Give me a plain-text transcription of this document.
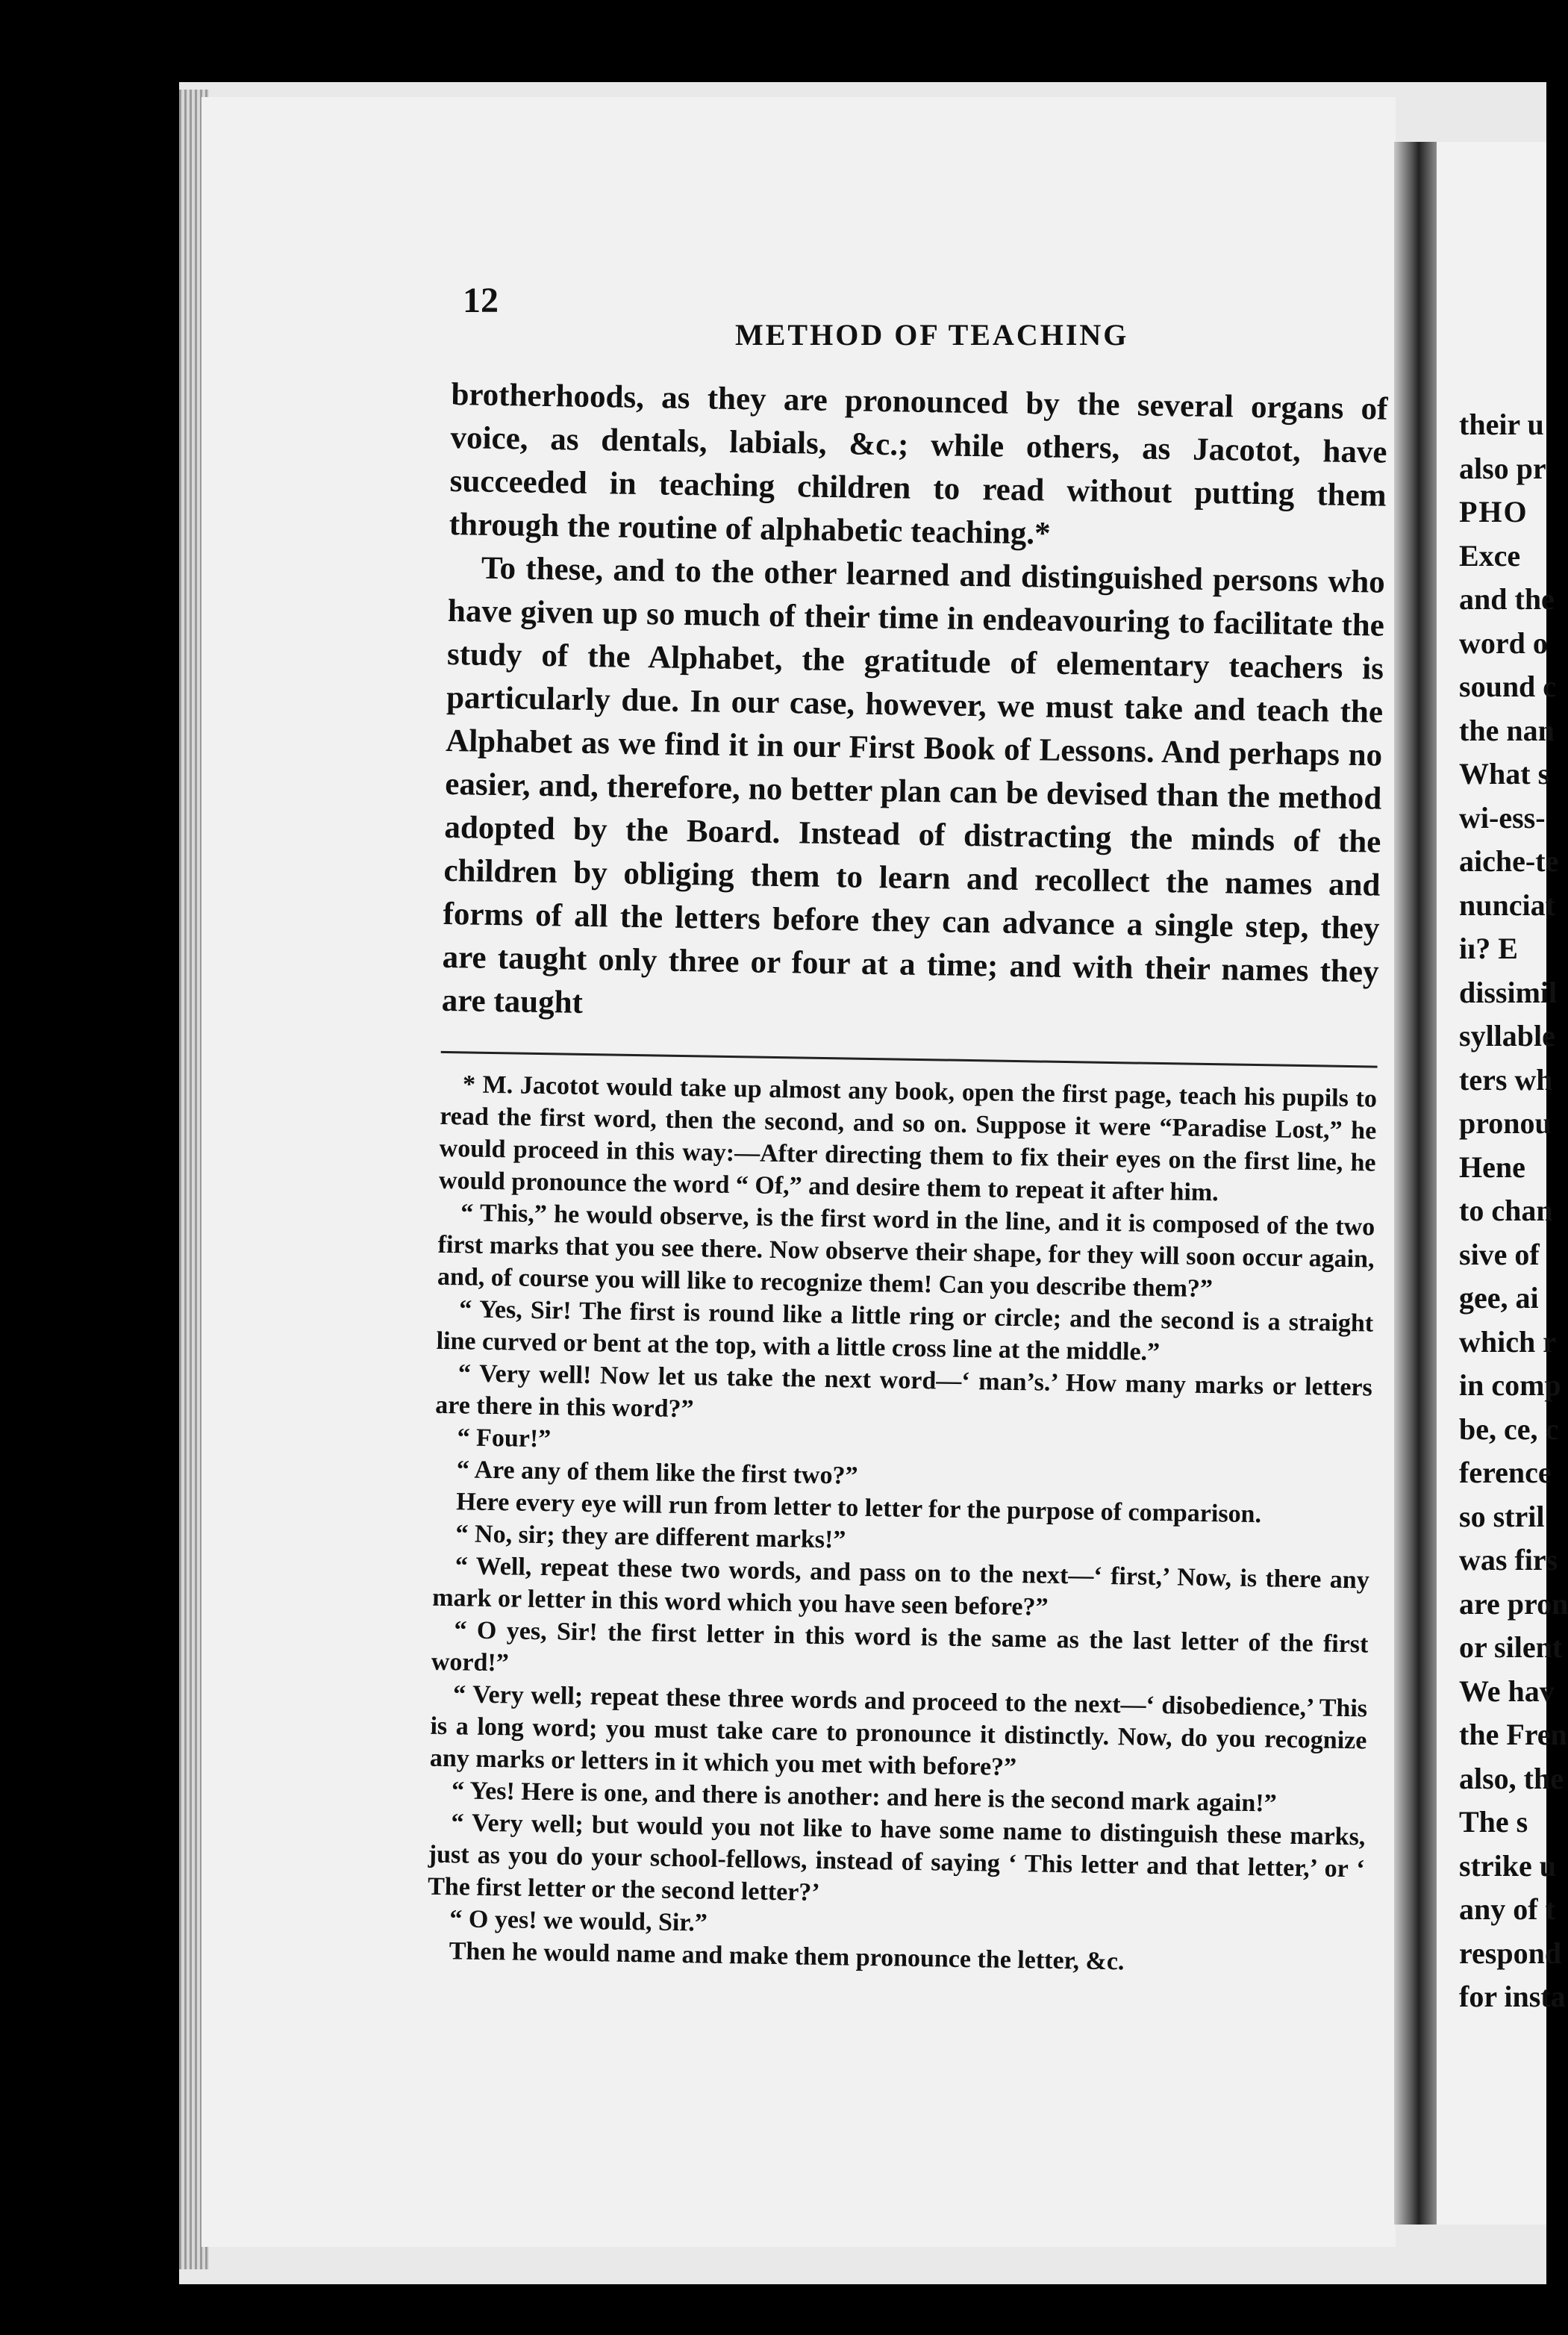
12
METHOD OF TEACHING

brotherhoods, as they are pronounced by the several organs of voice, as dentals, labials, &c.; while others, as Jacotot, have succeeded in teaching children to read without putting them through the routine of alphabetic teaching.*

To these, and to the other learned and distinguished persons who have given up so much of their time in endeavouring to facilitate the study of the Alphabet, the gratitude of elementary teachers is particularly due. In our case, however, we must take and teach the Alphabet as we find it in our First Book of Lessons. And perhaps no easier, and, therefore, no better plan can be devised than the method adopted by the Board. Instead of distracting the minds of the children by obliging them to learn and recollect the names and forms of all the letters before they can advance a single step, they are taught only three or four at a time; and with their names they are taught

* M. Jacotot would take up almost any book, open the first page, teach his pupils to read the first word, then the second, and so on. Suppose it were “Paradise Lost,” he would proceed in this way:—After directing them to fix their eyes on the first line, he would pronounce the word “ Of,” and desire them to repeat it after him.

“ This,” he would observe, is the first word in the line, and it is composed of the two first marks that you see there. Now observe their shape, for they will soon occur again, and, of course you will like to recognize them! Can you describe them?”

“ Yes, Sir! The first is round like a little ring or circle; and the second is a straight line curved or bent at the top, with a little cross line at the middle.”

“ Very well! Now let us take the next word—‘ man’s.’ How many marks or letters are there in this word?”

“ Four!”

“ Are any of them like the first two?”

Here every eye will run from letter to letter for the purpose of comparison.

“ No, sir; they are different marks!”

“ Well, repeat these two words, and pass on to the next—‘ first,’ Now, is there any mark or letter in this word which you have seen before?”

“ O yes, Sir! the first letter in this word is the same as the last letter of the first word!”

“ Very well; repeat these three words and proceed to the next—‘ disobedience,’ This is a long word; you must take care to pronounce it distinctly. Now, do you recognize any marks or letters in it which you met with before?”

“ Yes! Here is one, and there is another: and here is the second mark again!”

“ Very well; but would you not like to have some name to distinguish these marks, just as you do your school-fellows, instead of saying ‘ This letter and that letter,’ or ‘ The first letter or the second letter?’

“ O yes! we would, Sir.”

Then he would name and make them pronounce the letter, &c.

their u
also pr
PHO
Exce
and the
word o
sound c
the nan
What s
wi-ess-
aiche-te
nunciat
iı? E
dissimil
syllable
ters wh
pronou
Hene
to chan
sive of
gee, ai
which r
in comp
be, ce, c
ference
so stril
was firs
are pron
or silent
We hav
the Fren
also, the
The s
strike u
any of t
respond
for insta
